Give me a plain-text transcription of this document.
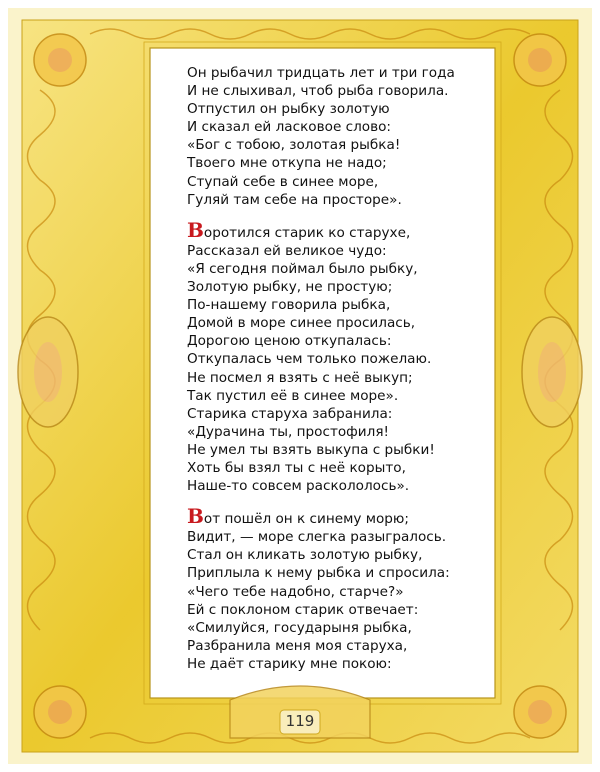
Он рыбачил тридцать лет и три года
И не слыхивал, чтоб рыба говорила.
Отпустил он рыбку золотую
И сказал ей ласковое слово:
«Бог с тобою, золотая рыбка!
Твоего мне откупа не надо;
Ступай себе в синее море,
Гуляй там себе на просторе».
Воротился старик ко старухе,
Рассказал ей великое чудо:
«Я сегодня поймал было рыбку,
Золотую рыбку, не простую;
По-нашему говорила рыбка,
Домой в море синее просилась,
Дорогою ценою откупалась:
Откупалась чем только пожелаю.
Не посмел я взять с неё выкуп;
Так пустил её в синее море».
Старика старуха забранила:
«Дурачина ты, простофиля!
Не умел ты взять выкупа с рыбки!
Хоть бы взял ты с неё корыто,
Наше-то совсем раскололось».
Вот пошёл он к синему морю;
Видит, — море слегка разыгралось.
Стал он кликать золотую рыбку,
Приплыла к нему рыбка и спросила:
«Чего тебе надобно, старче?»
Ей с поклоном старик отвечает:
«Смилуйся, государыня рыбка,
Разбранила меня моя старуха,
Не даёт старику мне покою:
119
